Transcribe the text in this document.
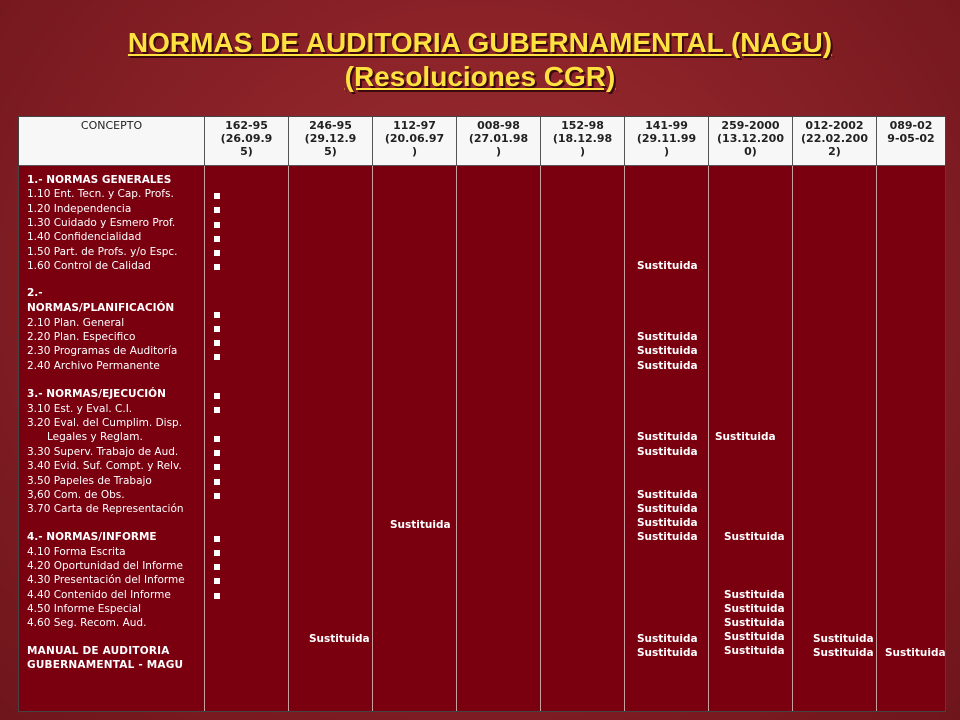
NORMAS DE AUDITORIA GUBERNAMENTAL (NAGU)
(Resoluciones CGR)
CONCEPTO	162-95
(26.09.9
5)
246-95
(29.12.9
5)
112-97
(20.06.97
)
008-98
(27.01.98
)
152-98
(18.12.98
)
141-99
(29.11.99
)
259-2000
(13.12.200
0)
012-2002
(22.02.200
2)
089-02
9-05-02
1.- NORMAS GENERALES
1.10 Ent. Tecn. y Cap. Profs.
1.20 Independencia
1.30 Cuidado y Esmero Prof.
1.40 Confidencialidad
1.50 Part. de Profs. y/o Espc.
1.60 Control de Calidad
2.-
NORMAS/PLANIFICACIÓN
2.10 Plan. General
2.20 Plan. Especifico
2.30 Programas de Auditoría
2.40 Archivo Permanente
3.- NORMAS/EJECUCIÓN
3.10 Est. y Eval. C.I.
3.20 Eval. del Cumplim. Disp.
Legales y Reglam.
3.30 Superv. Trabajo de Aud.
3.40 Evid. Suf. Compt. y Relv.
3.50 Papeles de Trabajo
3,60 Com. de Obs.
3.70 Carta de Representación
4.- NORMAS/INFORME
4.10 Forma Escrita
4.20 Oportunidad del Informe
4.30 Presentación del Informe
4.40 Contenido del Informe
4.50 Informe Especial
4.60 Seg. Recom. Aud.
MANUAL DE AUDITORIA
GUBERNAMENTAL - MAGU
Sustituida
Sustituida
Sustituida
Sustituida
Sustituida
Sustituida
Sustituida
Sustituida
Sustituida
Sustituida
Sustituida
Sustituida
Sustituida
Sustituida
Sustituida
Sustituida
Sustituida
Sustituida
Sustituida
Sustituida
Sustituida
Sustituida
Sustituida Sustituida
